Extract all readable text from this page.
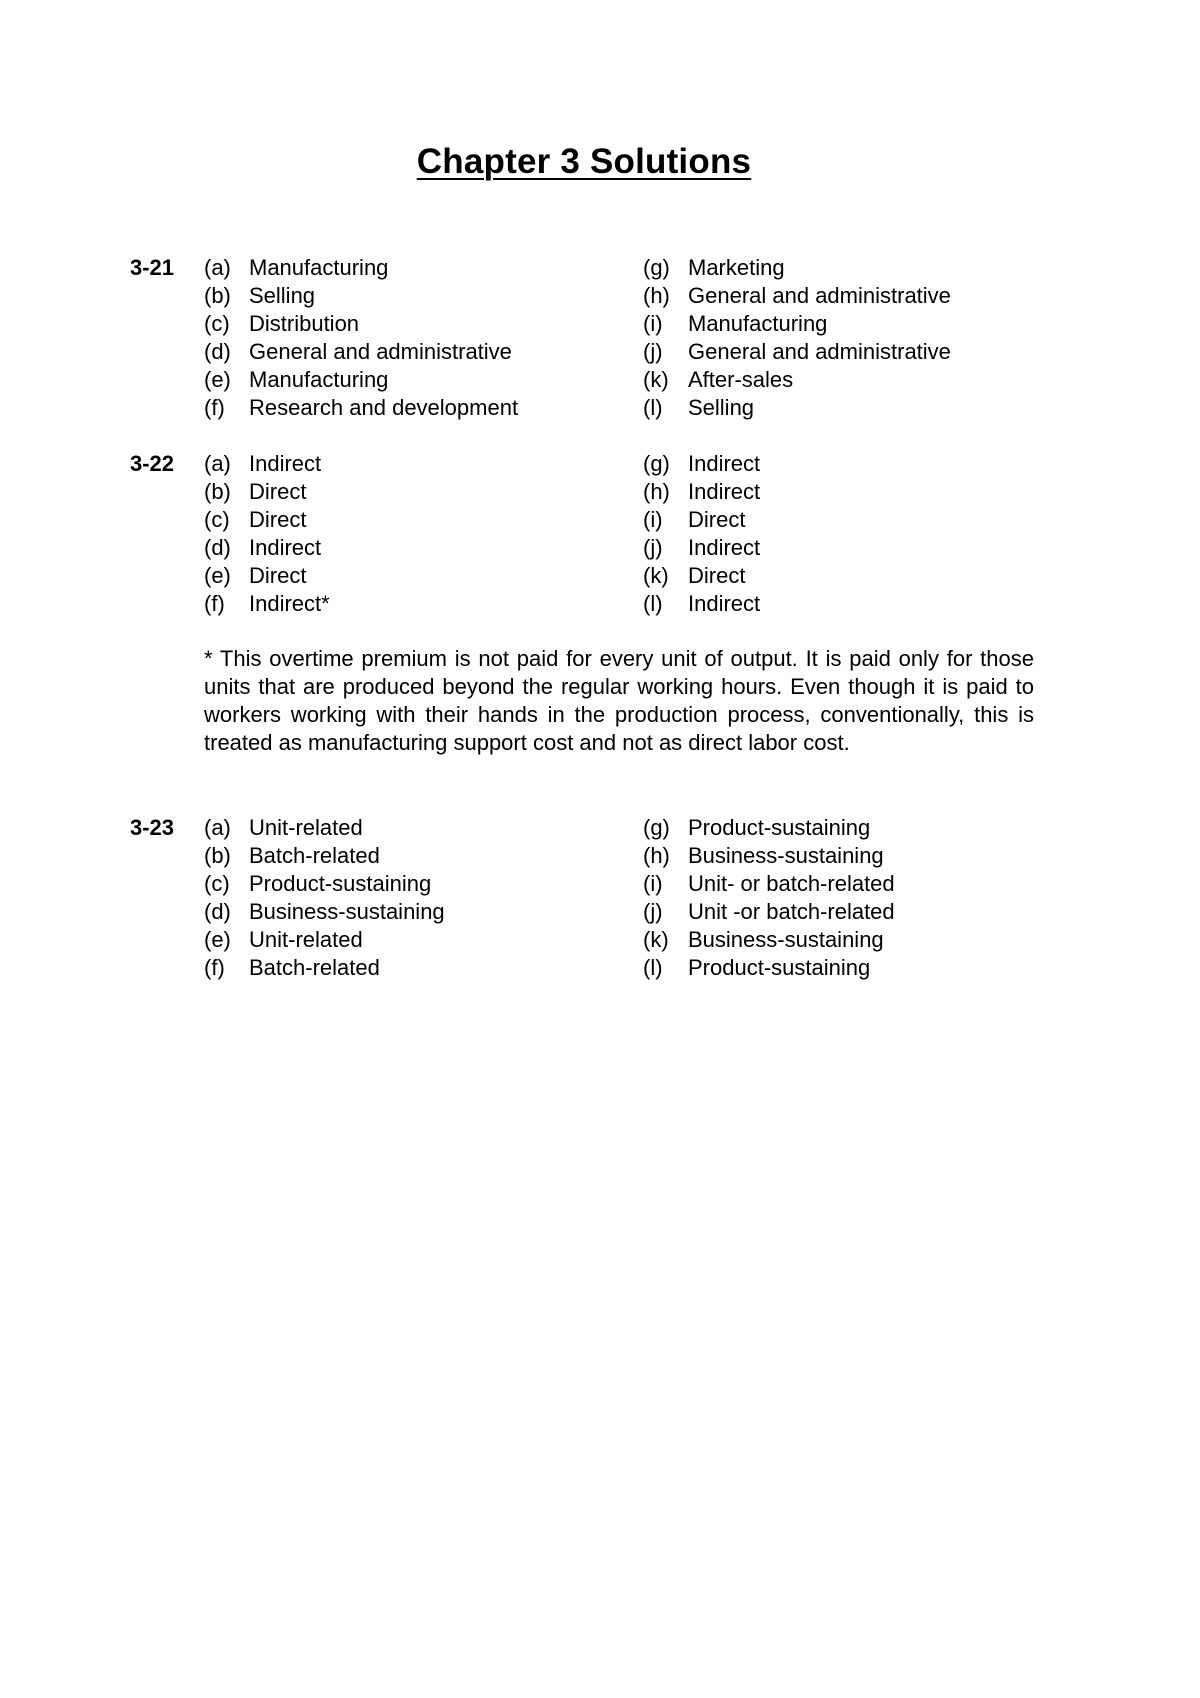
Chapter 3 Solutions
3-21 (a) Manufacturing
(b) Selling
(c) Distribution
(d) General and administrative
(e) Manufacturing
(f) Research and development
(g) Marketing
(h) General and administrative
(i) Manufacturing
(j) General and administrative
(k) After-sales
(l) Selling
3-22 (a) Indirect
(b) Direct
(c) Direct
(d) Indirect
(e) Direct
(f) Indirect*
(g) Indirect
(h) Indirect
(i) Direct
(j) Indirect
(k) Direct
(l) Indirect
* This overtime premium is not paid for every unit of output. It is paid only for those units that are produced beyond the regular working hours. Even though it is paid to workers working with their hands in the production process, conventionally, this is treated as manufacturing support cost and not as direct labor cost.
3-23 (a) Unit-related
(b) Batch-related
(c) Product-sustaining
(d) Business-sustaining
(e) Unit-related
(f) Batch-related
(g) Product-sustaining
(h) Business-sustaining
(i) Unit- or batch-related
(j) Unit -or batch-related
(k) Business-sustaining
(l) Product-sustaining
